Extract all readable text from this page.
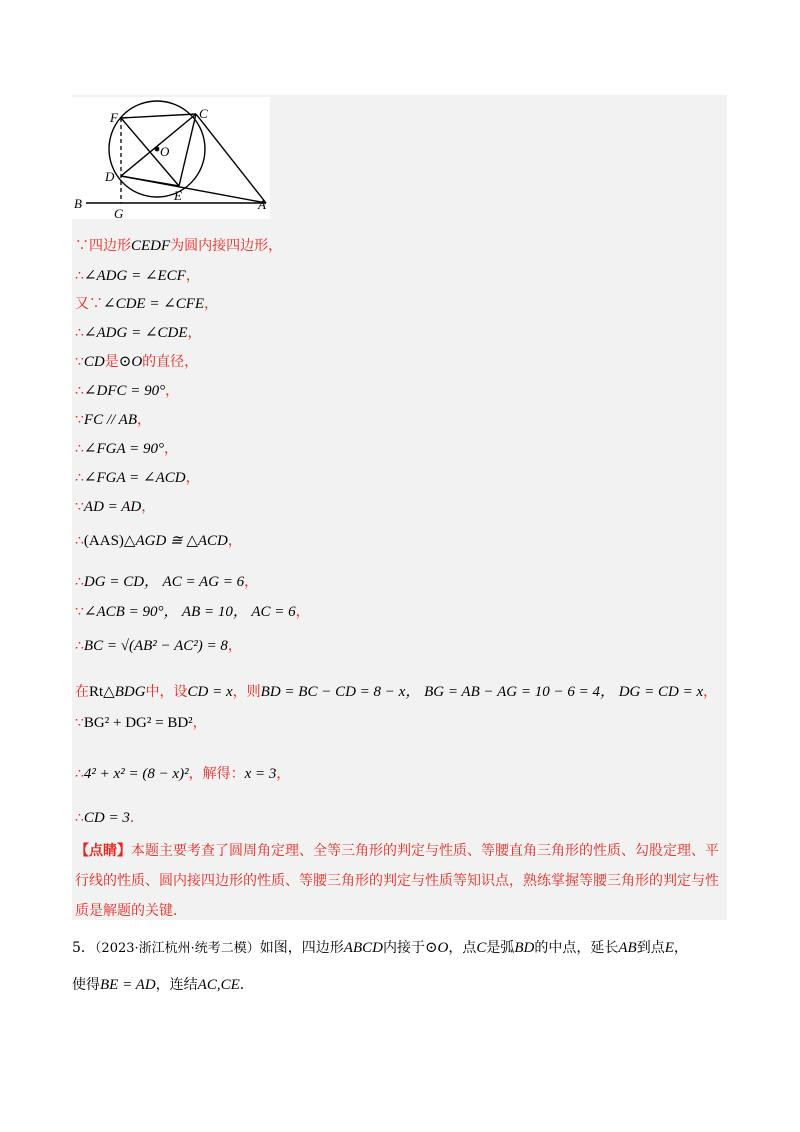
F	C
O
D
E
B
G
A
∵四边形CEDF为圆内接四边形，
∴∠ADG = ∠ECF，
又∵∠CDE = ∠CFE，
∴∠ADG = ∠CDE，
∵CD是⊙O的直径，
∴∠DFC = 90°，
∵FC // AB，
∴∠FGA = 90°，
∴∠FGA = ∠ACD，
∵AD = AD，
∴(AAS)△AGD ≅ △ACD，
∴DG = CD， AC = AG = 6，
∵∠ACB = 90°， AB = 10， AC = 6，
∴BC = √(AB² − AC²) = 8，
在Rt△BDG中，设CD = x，则BD = BC − CD = 8 − x， BG = AB − AG = 10 − 6 = 4， DG = CD = x，
∵BG² + DG² = BD²，
∴4² + x² = (8 − x)²，解得：x = 3，
∴CD = 3．
【点睛】本题主要考查了圆周角定理、全等三角形的判定与性质、等腰直角三角形的性质、勾股定理、平行线的性质、圆内接四边形的性质、等腰三角形的判定与性质等知识点，熟练掌握等腰三角形的判定与性质是解题的关键．
5．（2023·浙江杭州·统考二模）如图，四边形ABCD内接于⊙O，点C是弧BD的中点，延长AB到点E，
使得BE = AD，连结AC,CE．
